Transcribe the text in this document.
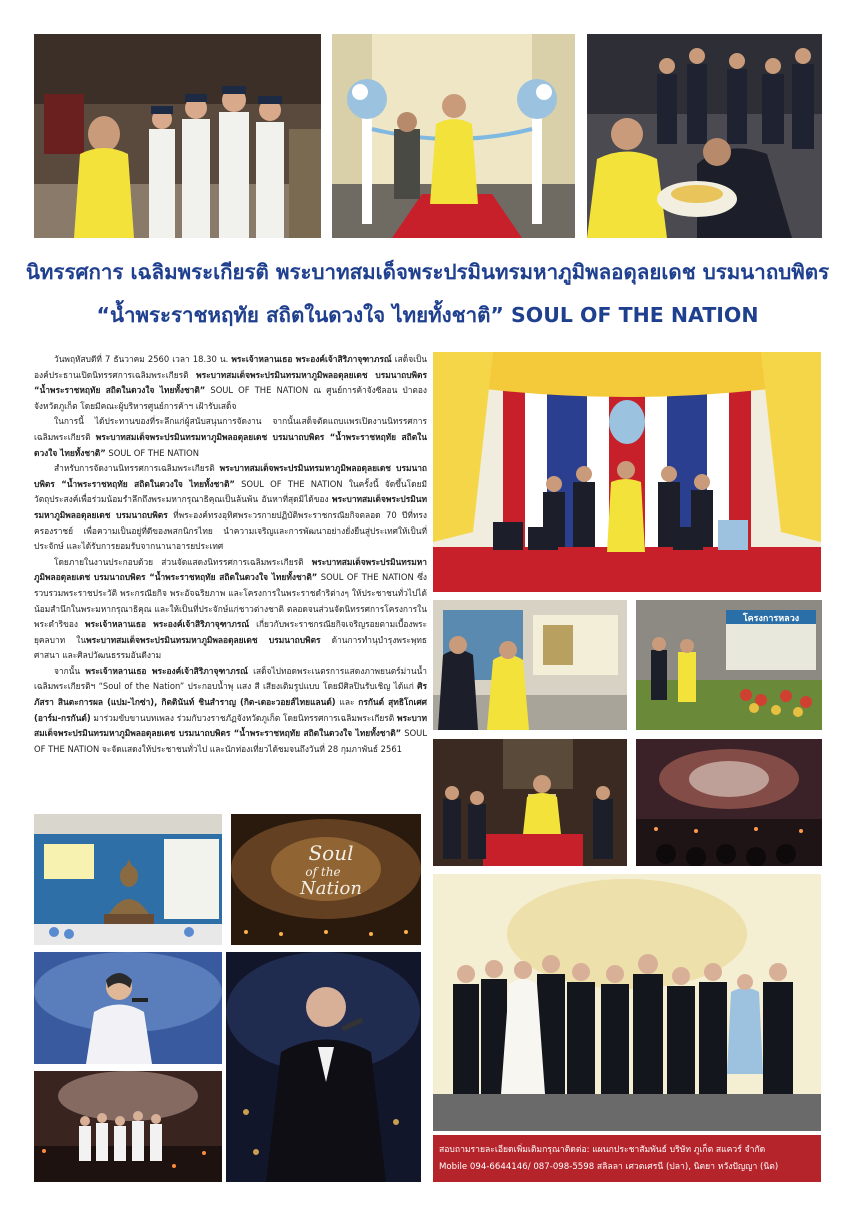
นิทรรศการ เฉลิมพระเกียรติ พระบาทสมเด็จพระปรมินทรมหาภูมิพลอดุลยเดช บรมนาถบพิตร
“น้ำพระราชหฤทัย สถิตในดวงใจ ไทยทั้งชาติ” SOUL OF THE NATION

วันพฤหัสบดีที่ 7 ธันวาคม 2560 เวลา 18.30 น. พระเจ้าหลานเธอ พระองค์เจ้าสิริภาจุฑาภรณ์ เสด็จเป็นองค์ประธานเปิดนิทรรศการเฉลิมพระเกียรติ พระบาทสมเด็จพระปรมินทรมหาภูมิพลอดุลยเดช บรมนาถบพิตร “น้ำพระราชหฤทัย สถิตในดวงใจ ไทยทั้งชาติ” SOUL OF THE NATION ณ ศูนย์การค้าจังซีลอน ป่าตอง จังหวัดภูเก็ต โดยมีคณะผู้บริหารศูนย์การค้าฯ เฝ้ารับเสด็จ

ในการนี้ ได้ประทานของที่ระลึกแก่ผู้สนับสนุนการจัดงาน จากนั้นเสด็จตัดแถบแพรเปิดงานนิทรรศการเฉลิมพระเกียรติ พระบาทสมเด็จพระปรมินทรมหาภูมิพลอดุลยเดช บรมนาถบพิตร “น้ำพระราชหฤทัย สถิตในดวงใจ ไทยทั้งชาติ” SOUL OF THE NATION

สำหรับการจัดงานนิทรรศการเฉลิมพระเกียรติ พระบาทสมเด็จพระปรมินทรมหาภูมิพลอดุลยเดช บรมนาถบพิตร “น้ำพระราชหฤทัย สถิตในดวงใจ ไทยทั้งชาติ” SOUL OF THE NATION ในครั้งนี้ จัดขึ้นโดยมีวัตถุประสงค์เพื่อร่วมน้อมรำลึกถึงพระมหากรุณาธิคุณเป็นล้นพ้น อันหาที่สุดมิได้ของ พระบาทสมเด็จพระปรมินทรมหาภูมิพลอดุลยเดช บรมนาถบพิตร ที่พระองค์ทรงอุทิศพระวรกายปฏิบัติพระราชกรณียกิจตลอด 70 ปีที่ทรงครองราชย์ เพื่อความเป็นอยู่ที่ดีของพสกนิกรไทย นำความเจริญและการพัฒนาอย่างยั่งยืนสู่ประเทศให้เป็นที่ประจักษ์ และได้รับการยอมรับจากนานาอารยประเทศ

โดยภายในงานประกอบด้วย ส่วนจัดแสดงนิทรรศการเฉลิมพระเกียรติ พระบาทสมเด็จพระปรมินทรมหาภูมิพลอดุลยเดช บรมนาถบพิตร “น้ำพระราชหฤทัย สถิตในดวงใจ ไทยทั้งชาติ” SOUL OF THE NATION ซึ่งรวบรวมพระราชประวัติ พระกรณียกิจ พระอัจฉริยภาพ และโครงการในพระราชดำริต่างๆ ให้ประชาชนทั่วไปได้น้อมสำนึกในพระมหากรุณาธิคุณ และให้เป็นที่ประจักษ์แก่ชาวต่างชาติ ตลอดจนส่วนจัดนิทรรศการโครงการในพระดำริของ พระเจ้าหลานเธอ พระองค์เจ้าสิริภาจุฑาภรณ์ เกี่ยวกับพระราชกรณียกิจเจริญรอยตามเบื้องพระยุคลบาท ในพระบาทสมเด็จพระปรมินทรมหาภูมิพลอดุลยเดช บรมนาถบพิตร ด้านการทำนุบำรุงพระพุทธศาสนา และศิลปวัฒนธรรมอันดีงาม

จากนั้น พระเจ้าหลานเธอ พระองค์เจ้าสิริภาจุฑาภรณ์ เสด็จไปทอดพระเนตรการแสดงภาพยนตร์ม่านน้ำเฉลิมพระเกียรติฯ “Soul of the Nation” ประกอบน้ำพุ แสง สี เสียงเติมรูปแบบ โดยมีศิลปินรับเชิญ ได้แก่ ศิรภัสรา สินตะการผล (แปม-ไกซ่า), กิตตินันท์ ชินสำราญ (กิต-เดอะวอยส์ไทยแลนด์) และ กรกันต์ สุทธิโกเศศ (อาร์ม-กรกันต์) มาร่วมขับขานบทเพลง ร่วมกับวงราชภัฏจังหวัดภูเก็ต โดยนิทรรศการเฉลิมพระเกียรติ พระบาทสมเด็จพระปรมินทรมหาภูมิพลอดุลยเดช บรมนาถบพิตร “น้ำพระราชหฤทัย สถิตในดวงใจ ไทยทั้งชาติ” SOUL OF THE NATION จะจัดแสดงให้ประชาชนทั่วไป และนักท่องเที่ยวได้ชมจนถึงวันที่ 28 กุมภาพันธ์ 2561

โครงการหลวง
Soul
of the
Nation
สอบถามรายละเอียดเพิ่มเติมกรุณาติดต่อ: แผนกประชาสัมพันธ์ บริษัท ภูเก็ต สแควร์ จำกัด
Mobile 094-6644146/ 087-098-5598 สลิลลา เศวตเศรนี (ปลา), นิตยา หวังปัญญา (นิต)
